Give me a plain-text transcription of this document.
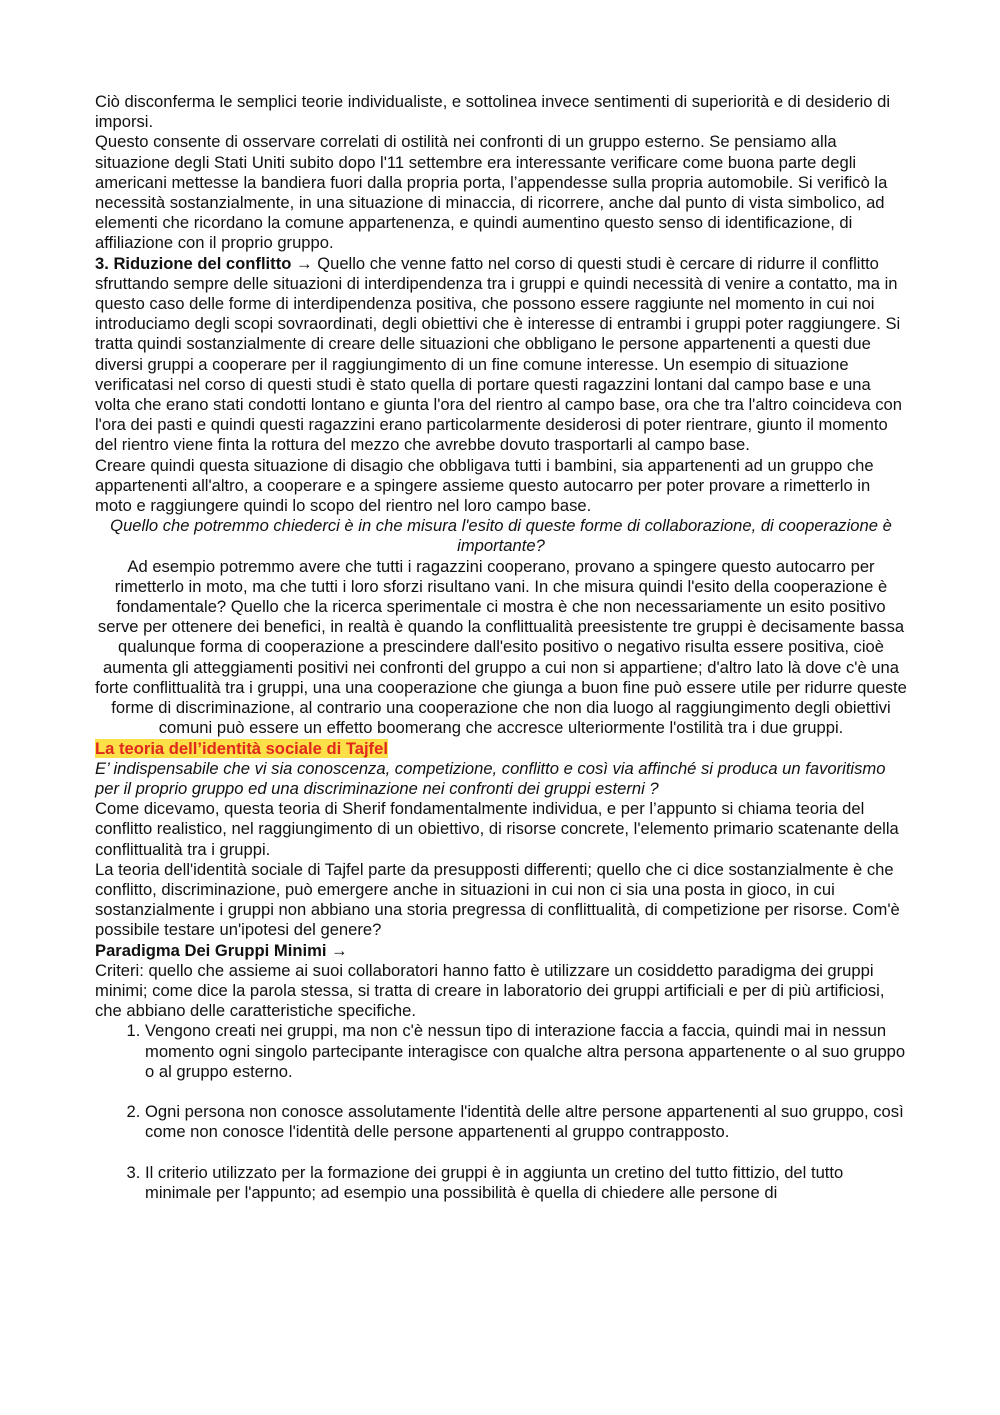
Ciò disconferma le semplici teorie individualiste, e sottolinea invece sentimenti di superiorità e di desiderio di imporsi.

Questo consente di osservare correlati di ostilità nei confronti di un gruppo esterno. Se pensiamo alla situazione degli Stati Uniti subito dopo l'11 settembre era interessante verificare come buona parte degli americani mettesse la bandiera fuori dalla propria porta, l’appendesse sulla propria automobile. Si verificò la necessità sostanzialmente, in una situazione di minaccia, di ricorrere, anche dal punto di vista simbolico, ad elementi che ricordano la comune appartenenza, e quindi aumentino questo senso di identificazione, di affiliazione con il proprio gruppo.

3. Riduzione del conflitto → Quello che venne fatto nel corso di questi studi è cercare di ridurre il conflitto sfruttando sempre delle situazioni di interdipendenza tra i gruppi e quindi necessità di venire a contatto, ma in questo caso delle forme di interdipendenza positiva, che possono essere raggiunte nel momento in cui noi introduciamo degli scopi sovraordinati, degli obiettivi che è interesse di entrambi i gruppi poter raggiungere. Si tratta quindi sostanzialmente di creare delle situazioni che obbligano le persone appartenenti a questi due diversi gruppi a cooperare per il raggiungimento di un fine comune interesse. Un esempio di situazione verificatasi nel corso di questi studi è stato quella di portare questi ragazzini lontani dal campo base e una volta che erano stati condotti lontano e giunta l'ora del rientro al campo base, ora che tra l'altro coincideva con l'ora dei pasti e quindi questi ragazzini erano particolarmente desiderosi di poter rientrare, giunto il momento del rientro viene finta la rottura del mezzo che avrebbe dovuto trasportarli al campo base.

Creare quindi questa situazione di disagio che obbligava tutti i bambini, sia appartenenti ad un gruppo che appartenenti all'altro, a cooperare e a spingere assieme questo autocarro per poter provare a rimetterlo in moto e raggiungere quindi lo scopo del rientro nel loro campo base.

Quello che potremmo chiederci è in che misura l'esito di queste forme di collaborazione, di cooperazione è importante?

Ad esempio potremmo avere che tutti i ragazzini cooperano, provano a spingere questo autocarro per rimetterlo in moto, ma che tutti i loro sforzi risultano vani. In che misura quindi l'esito della cooperazione è fondamentale? Quello che la ricerca sperimentale ci mostra è che non necessariamente un esito positivo serve per ottenere dei benefici, in realtà è quando la conflittualità preesistente tre gruppi è decisamente bassa qualunque forma di cooperazione a prescindere dall'esito positivo o negativo risulta essere positiva, cioè aumenta gli atteggiamenti positivi nei confronti del gruppo a cui non si appartiene; d'altro lato là dove c'è una forte conflittualità tra i gruppi, una una cooperazione che giunga a buon fine può essere utile per ridurre queste forme di discriminazione, al contrario una cooperazione che non dia luogo al raggiungimento degli obiettivi comuni può essere un effetto boomerang che accresce ulteriormente l'ostilità tra i due gruppi.

La teoria dell’identità sociale di Tajfel

E’ indispensabile che vi sia conoscenza, competizione, conflitto e così via affinché si produca un favoritismo per il proprio gruppo ed una discriminazione nei confronti dei gruppi esterni ?

Come dicevamo, questa teoria di Sherif fondamentalmente individua, e per l’appunto si chiama teoria del conflitto realistico, nel raggiungimento di un obiettivo, di risorse concrete, l'elemento primario scatenante della conflittualità tra i gruppi.

La teoria dell'identità sociale di Tajfel parte da presupposti differenti; quello che ci dice sostanzialmente è che conflitto, discriminazione, può emergere anche in situazioni in cui non ci sia una posta in gioco, in cui sostanzialmente i gruppi non abbiano una storia pregressa di conflittualità, di competizione per risorse. Com'è possibile testare un'ipotesi del genere?

Paradigma Dei Gruppi Minimi →

Criteri: quello che assieme ai suoi collaboratori hanno fatto è utilizzare un cosiddetto paradigma dei gruppi minimi; come dice la parola stessa, si tratta di creare in laboratorio dei gruppi artificiali e per di più artificiosi, che abbiano delle caratteristiche specifiche.

1. Vengono creati nei gruppi, ma non c'è nessun tipo di interazione faccia a faccia, quindi mai in nessun momento ogni singolo partecipante interagisce con qualche altra persona appartenente o al suo gruppo o al gruppo esterno.
2. Ogni persona non conosce assolutamente l'identità delle altre persone appartenenti al suo gruppo, così come non conosce l'identità delle persone appartenenti al gruppo contrapposto.
3. Il criterio utilizzato per la formazione dei gruppi è in aggiunta un cretino del tutto fittizio, del tutto minimale per l'appunto; ad esempio una possibilità è quella di chiedere alle persone di
